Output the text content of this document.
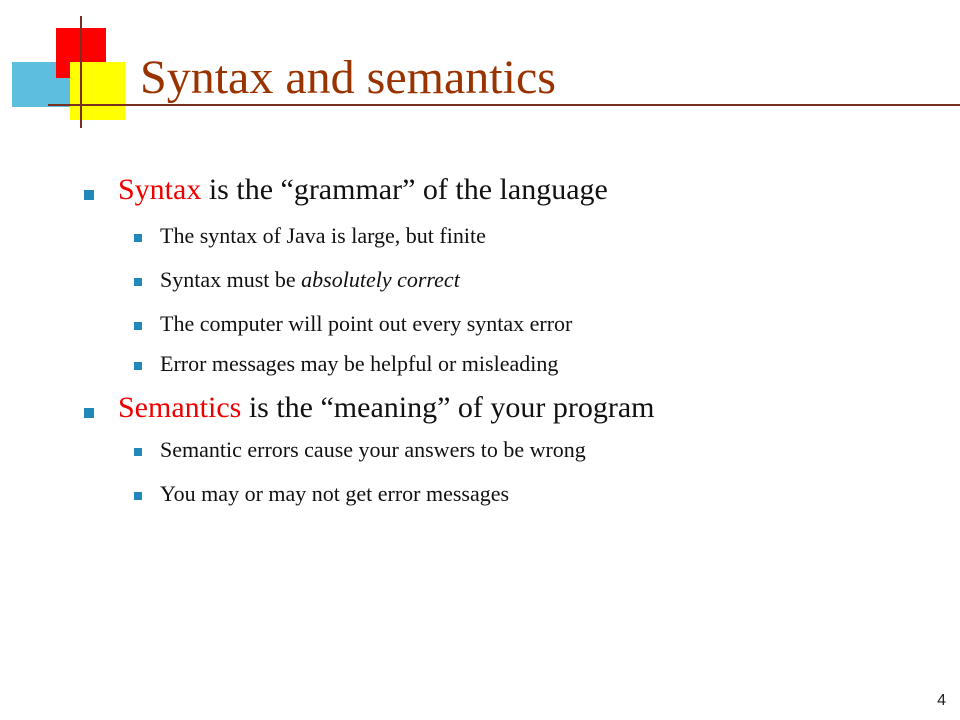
Syntax and semantics
Syntax is the “grammar” of the language
The syntax of Java is large, but finite
Syntax must be absolutely correct
The computer will point out every syntax error
Error messages may be helpful or misleading
Semantics is the “meaning” of your program
Semantic errors cause your answers to be wrong
You may or may not get error messages
4
